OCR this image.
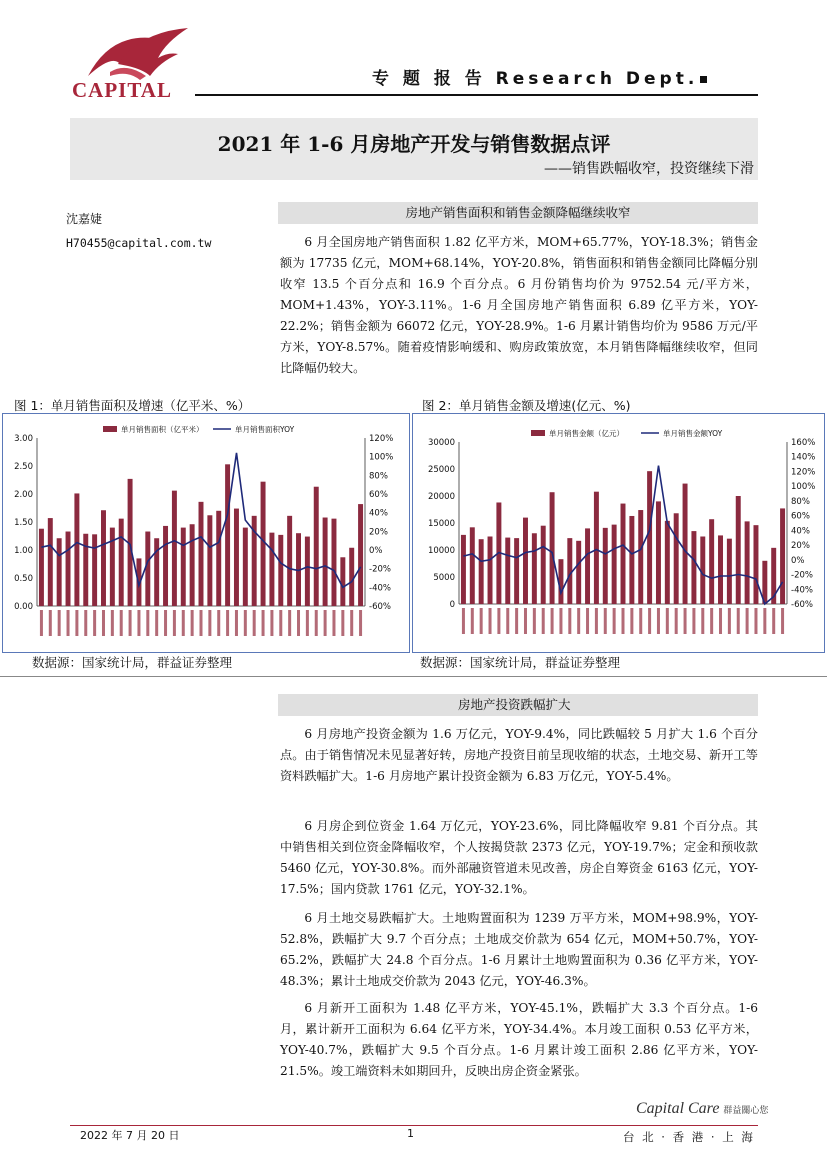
CAPITAL	专 题 报 告 Research Dept.
2021 年 1-6 月房地产开发与销售数据点评
——销售跌幅收窄，投资继续下滑
沈嘉婕
H70455@capital.com.tw
房地产销售面积和销售金额降幅继续收窄
6 月全国房地产销售面积 1.82 亿平方米，MOM+65.77%，YOY-18.3%；销售金额为 17735 亿元，MOM+68.14%，YOY-20.8%，销售面积和销售金额同比降幅分别收窄 13.5 个百分点和 16.9 个百分点。6 月份销售均价为 9752.54 元/平方米，MOM+1.43%，YOY-3.11%。1-6 月全国房地产销售面积 6.89 亿平方米，YOY-22.2%；销售金额为 66072 亿元，YOY-28.9%。1-6 月累计销售均价为 9586 万元/平方米，YOY-8.57%。随着疫情影响缓和、购房政策放宽，本月销售降幅继续收窄，但同比降幅仍较大。
图 1：单月销售面积及增速（亿平米、%）	图 2：单月销售金额及增速(亿元、%)
0.00
0.50
1.00
1.50
2.00
2.50
3.00
-60%
-40%
-20%
0%
20%
40%
60%
80%
100%
120%
单月销售面积（亿平米）	单月销售面积YOY
0
5000
10000
15000
20000
25000
30000
-60%
-40%
-20%
0%
20%
40%
60%
80%
100%
120%
140%
160%
单月销售金额（亿元）	单月销售金额YOY
数据源：国家统计局，群益证券整理	数据源：国家统计局，群益证券整理
房地产投资跌幅扩大
6 月房地产投资金额为 1.6 万亿元，YOY-9.4%，同比跌幅较 5 月扩大 1.6 个百分点。由于销售情况未见显著好转，房地产投资目前呈现收缩的状态，土地交易、新开工等资料跌幅扩大。1-6 月房地产累计投资金额为 6.83 万亿元，YOY-5.4%。
6 月房企到位资金 1.64 万亿元，YOY-23.6%，同比降幅收窄 9.81 个百分点。其中销售相关到位资金降幅收窄，个人按揭贷款 2373 亿元，YOY-19.7%；定金和预收款 5460 亿元，YOY-30.8%。而外部融资管道未见改善，房企自筹资金 6163 亿元，YOY-17.5%；国内贷款 1761 亿元，YOY-32.1%。
6 月土地交易跌幅扩大。土地购置面积为 1239 万平方米，MOM+98.9%，YOY-52.8%，跌幅扩大 9.7 个百分点；土地成交价款为 654 亿元，MOM+50.7%，YOY-65.2%，跌幅扩大 24.8 个百分点。1-6 月累计土地购置面积为 0.36 亿平方米，YOY-48.3%；累计土地成交价款为 2043 亿元，YOY-46.3%。
6 月新开工面积为 1.48 亿平方米，YOY-45.1%，跌幅扩大 3.3 个百分点。1-6 月，累计新开工面积为 6.64 亿平方米，YOY-34.4%。本月竣工面积 0.53 亿平方米，YOY-40.7%，跌幅扩大 9.5 个百分点。1-6 月累计竣工面积 2.86 亿平方米，YOY-21.5%。竣工端资料未如期回升，反映出房企资金紧张。
Capital Care 群益關心您
2022 年 7 月 20 日	1	台 北 · 香 港 · 上 海
